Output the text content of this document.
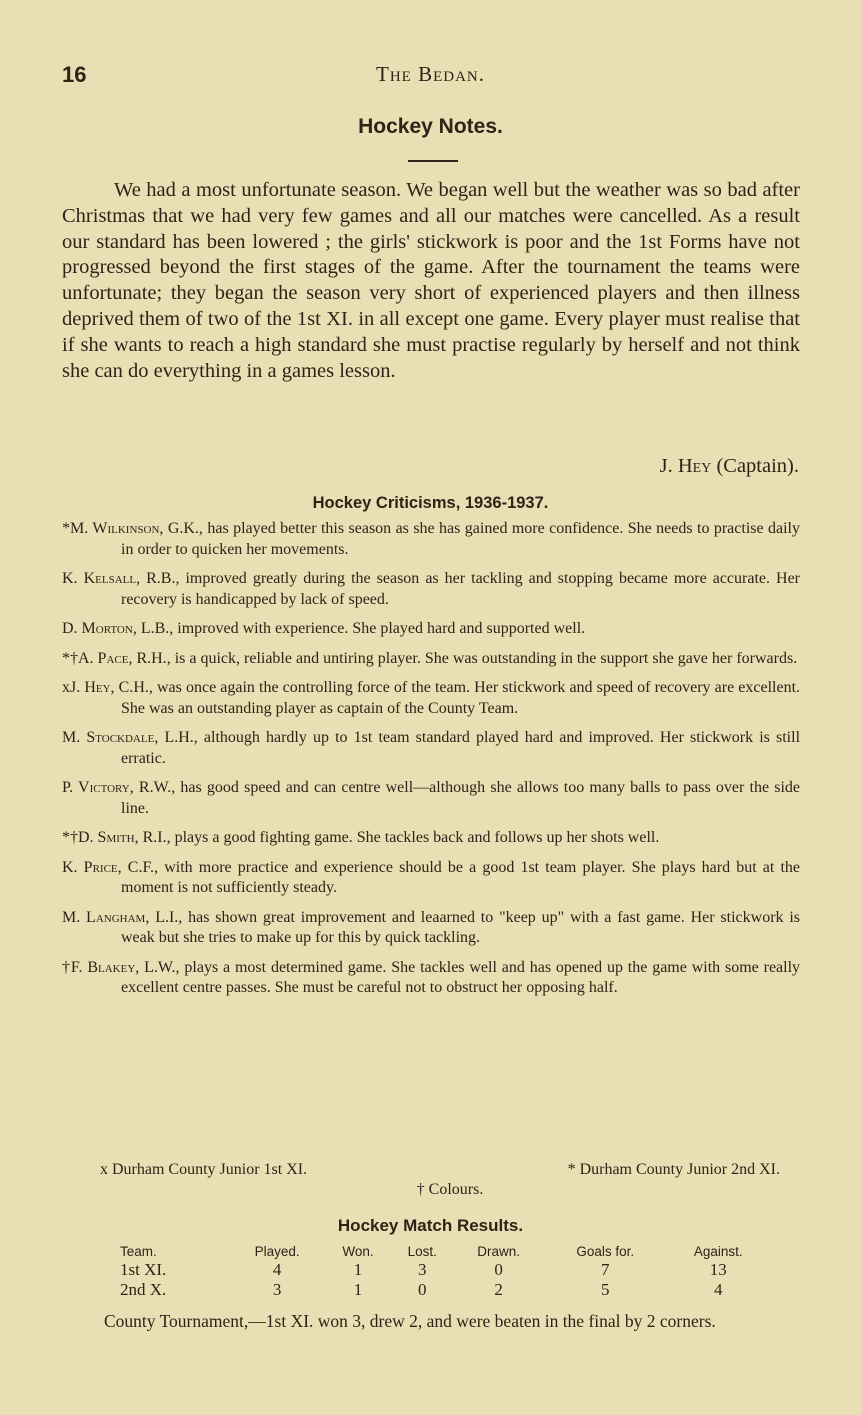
16	The Bedan.
Hockey Notes.

We had a most unfortunate season. We began well but the weather was so bad after Christmas that we had very few games and all our matches were cancelled. As a result our standard has been lowered ; the girls' stickwork is poor and the 1st Forms have not progressed beyond the first stages of the game. After the tournament the teams were unfortunate; they began the season very short of experienced players and then illness deprived them of two of the 1st XI. in all except one game. Every player must realise that if she wants to reach a high standard she must practise regularly by herself and not think she can do everything in a games lesson.

J. Hey (Captain).
Hockey Criticisms, 1936-1937.
*M. Wilkinson, G.K., has played better this season as she has gained more confidence. She needs to practise daily in order to quicken her movements.
K. Kelsall, R.B., improved greatly during the season as her tackling and stopping became more accurate. Her recovery is handicapped by lack of speed.
D. Morton, L.B., improved with experience. She played hard and supported well.
*†A. Pace, R.H., is a quick, reliable and untiring player. She was outstanding in the support she gave her forwards.
xJ. Hey, C.H., was once again the controlling force of the team. Her stickwork and speed of recovery are excellent. She was an outstanding player as captain of the County Team.
M. Stockdale, L.H., although hardly up to 1st team standard played hard and improved. Her stickwork is still erratic.
P. Victory, R.W., has good speed and can centre well—although she allows too many balls to pass over the side line.
*†D. Smith, R.I., plays a good fighting game. She tackles back and follows up her shots well.
K. Price, C.F., with more practice and experience should be a good 1st team player. She plays hard but at the moment is not sufficiently steady.
M. Langham, L.I., has shown great improvement and leaarned to "keep up" with a fast game. Her stickwork is weak but she tries to make up for this by quick tackling.
†F. Blakey, L.W., plays a most determined game. She tackles well and has opened up the game with some really excellent centre passes. She must be careful not to obstruct her opposing half.
x Durham County Junior 1st XI.	* Durham County Junior 2nd XI.
† Colours.
Hockey Match Results.
Team.	Played.	Won.	Lost.	Drawn.	Goals for.	Against.
1st XI.	4	1	3	0	7	13
2nd X.	3	1	0	2	5	4

County Tournament,—1st XI. won 3, drew 2, and were beaten in the final by 2 corners.
